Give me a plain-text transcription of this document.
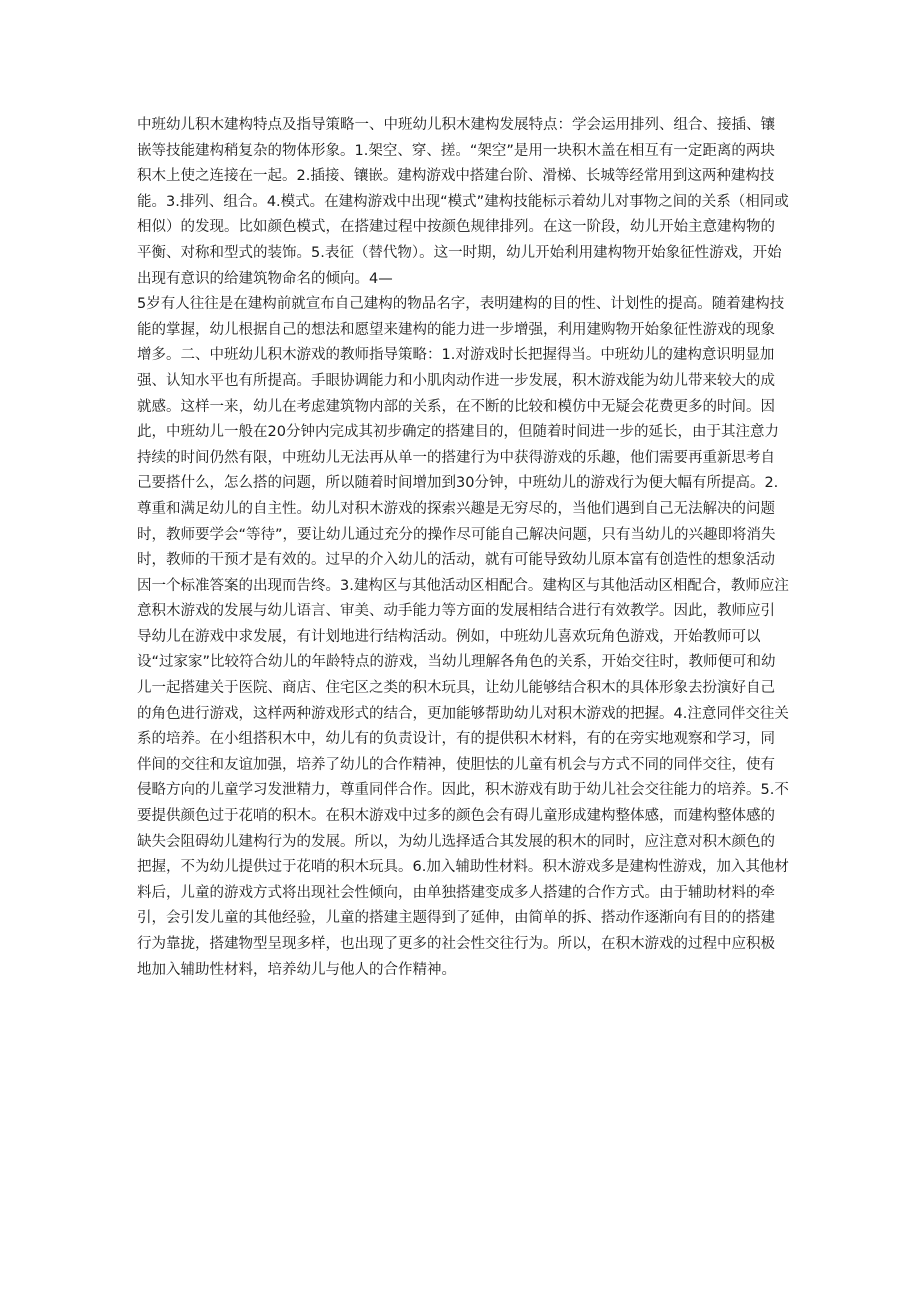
中班幼儿积木建构特点及指导策略一、中班幼儿积木建构发展特点：学会运用排列、组合、接插、镶嵌等技能建构稍复杂的物体形象。1.架空、穿、搓。“架空”是用一块积木盖在相互有一定距离的两块积木上使之连接在一起。2.插接、镶嵌。建构游戏中搭建台阶、滑梯、长城等经常用到这两种建构技能。3.排列、组合。4.模式。在建构游戏中出现“模式”建构技能标示着幼儿对事物之间的关系（相同或相似）的发现。比如颜色模式，在搭建过程中按颜色规律排列。在这一阶段，幼儿开始主意建构物的平衡、对称和型式的装饰。5.表征（替代物）。这一时期，幼儿开始利用建构物开始象征性游戏，开始出现有意识的给建筑物命名的倾向。4—

5岁有人往往是在建构前就宣布自己建构的物品名字，表明建构的目的性、计划性的提高。随着建构技能的掌握，幼儿根据自己的想法和愿望来建构的能力进一步增强，利用建购物开始象征性游戏的现象增多。二、中班幼儿积木游戏的教师指导策略：1.对游戏时长把握得当。中班幼儿的建构意识明显加强、认知水平也有所提高。手眼协调能力和小肌肉动作进一步发展，积木游戏能为幼儿带来较大的成就感。这样一来，幼儿在考虑建筑物内部的关系，在不断的比较和模仿中无疑会花费更多的时间。因此，中班幼儿一般在20分钟内完成其初步确定的搭建目的，但随着时间进一步的延长，由于其注意力持续的时间仍然有限，中班幼儿无法再从单一的搭建行为中获得游戏的乐趣，他们需要再重新思考自己要搭什么，怎么搭的问题，所以随着时间增加到30分钟，中班幼儿的游戏行为便大幅有所提高。2.尊重和满足幼儿的自主性。幼儿对积木游戏的探索兴趣是无穷尽的，当他们遇到自己无法解决的问题时，教师要学会“等待”，要让幼儿通过充分的操作尽可能自己解决问题，只有当幼儿的兴趣即将消失时，教师的干预才是有效的。过早的介入幼儿的活动，就有可能导致幼儿原本富有创造性的想象活动因一个标准答案的出现而告终。3.建构区与其他活动区相配合。建构区与其他活动区相配合，教师应注意积木游戏的发展与幼儿语言、审美、动手能力等方面的发展相结合进行有效教学。因此，教师应引导幼儿在游戏中求发展，有计划地进行结构活动。例如，中班幼儿喜欢玩角色游戏，开始教师可以设“过家家”比较符合幼儿的年龄特点的游戏，当幼儿理解各角色的关系，开始交往时，教师便可和幼儿一起搭建关于医院、商店、住宅区之类的积木玩具，让幼儿能够结合积木的具体形象去扮演好自己的角色进行游戏，这样两种游戏形式的结合，更加能够帮助幼儿对积木游戏的把握。4.注意同伴交往关系的培养。在小组搭积木中，幼儿有的负责设计，有的提供积木材料，有的在旁实地观察和学习，同伴间的交往和友谊加强，培养了幼儿的合作精神，使胆怯的儿童有机会与方式不同的同伴交往，使有侵略方向的儿童学习发泄精力，尊重同伴合作。因此，积木游戏有助于幼儿社会交往能力的培养。5.不要提供颜色过于花哨的积木。在积木游戏中过多的颜色会有碍儿童形成建构整体感，而建构整体感的缺失会阻碍幼儿建构行为的发展。所以，为幼儿选择适合其发展的积木的同时，应注意对积木颜色的把握，不为幼儿提供过于花哨的积木玩具。6.加入辅助性材料。积木游戏多是建构性游戏，加入其他材料后，儿童的游戏方式将出现社会性倾向，由单独搭建变成多人搭建的合作方式。由于辅助材料的牵引，会引发儿童的其他经验，儿童的搭建主题得到了延伸，由简单的拆、搭动作逐渐向有目的的搭建行为靠拢，搭建物型呈现多样，也出现了更多的社会性交往行为。所以，在积木游戏的过程中应积极地加入辅助性材料，培养幼儿与他人的合作精神。
